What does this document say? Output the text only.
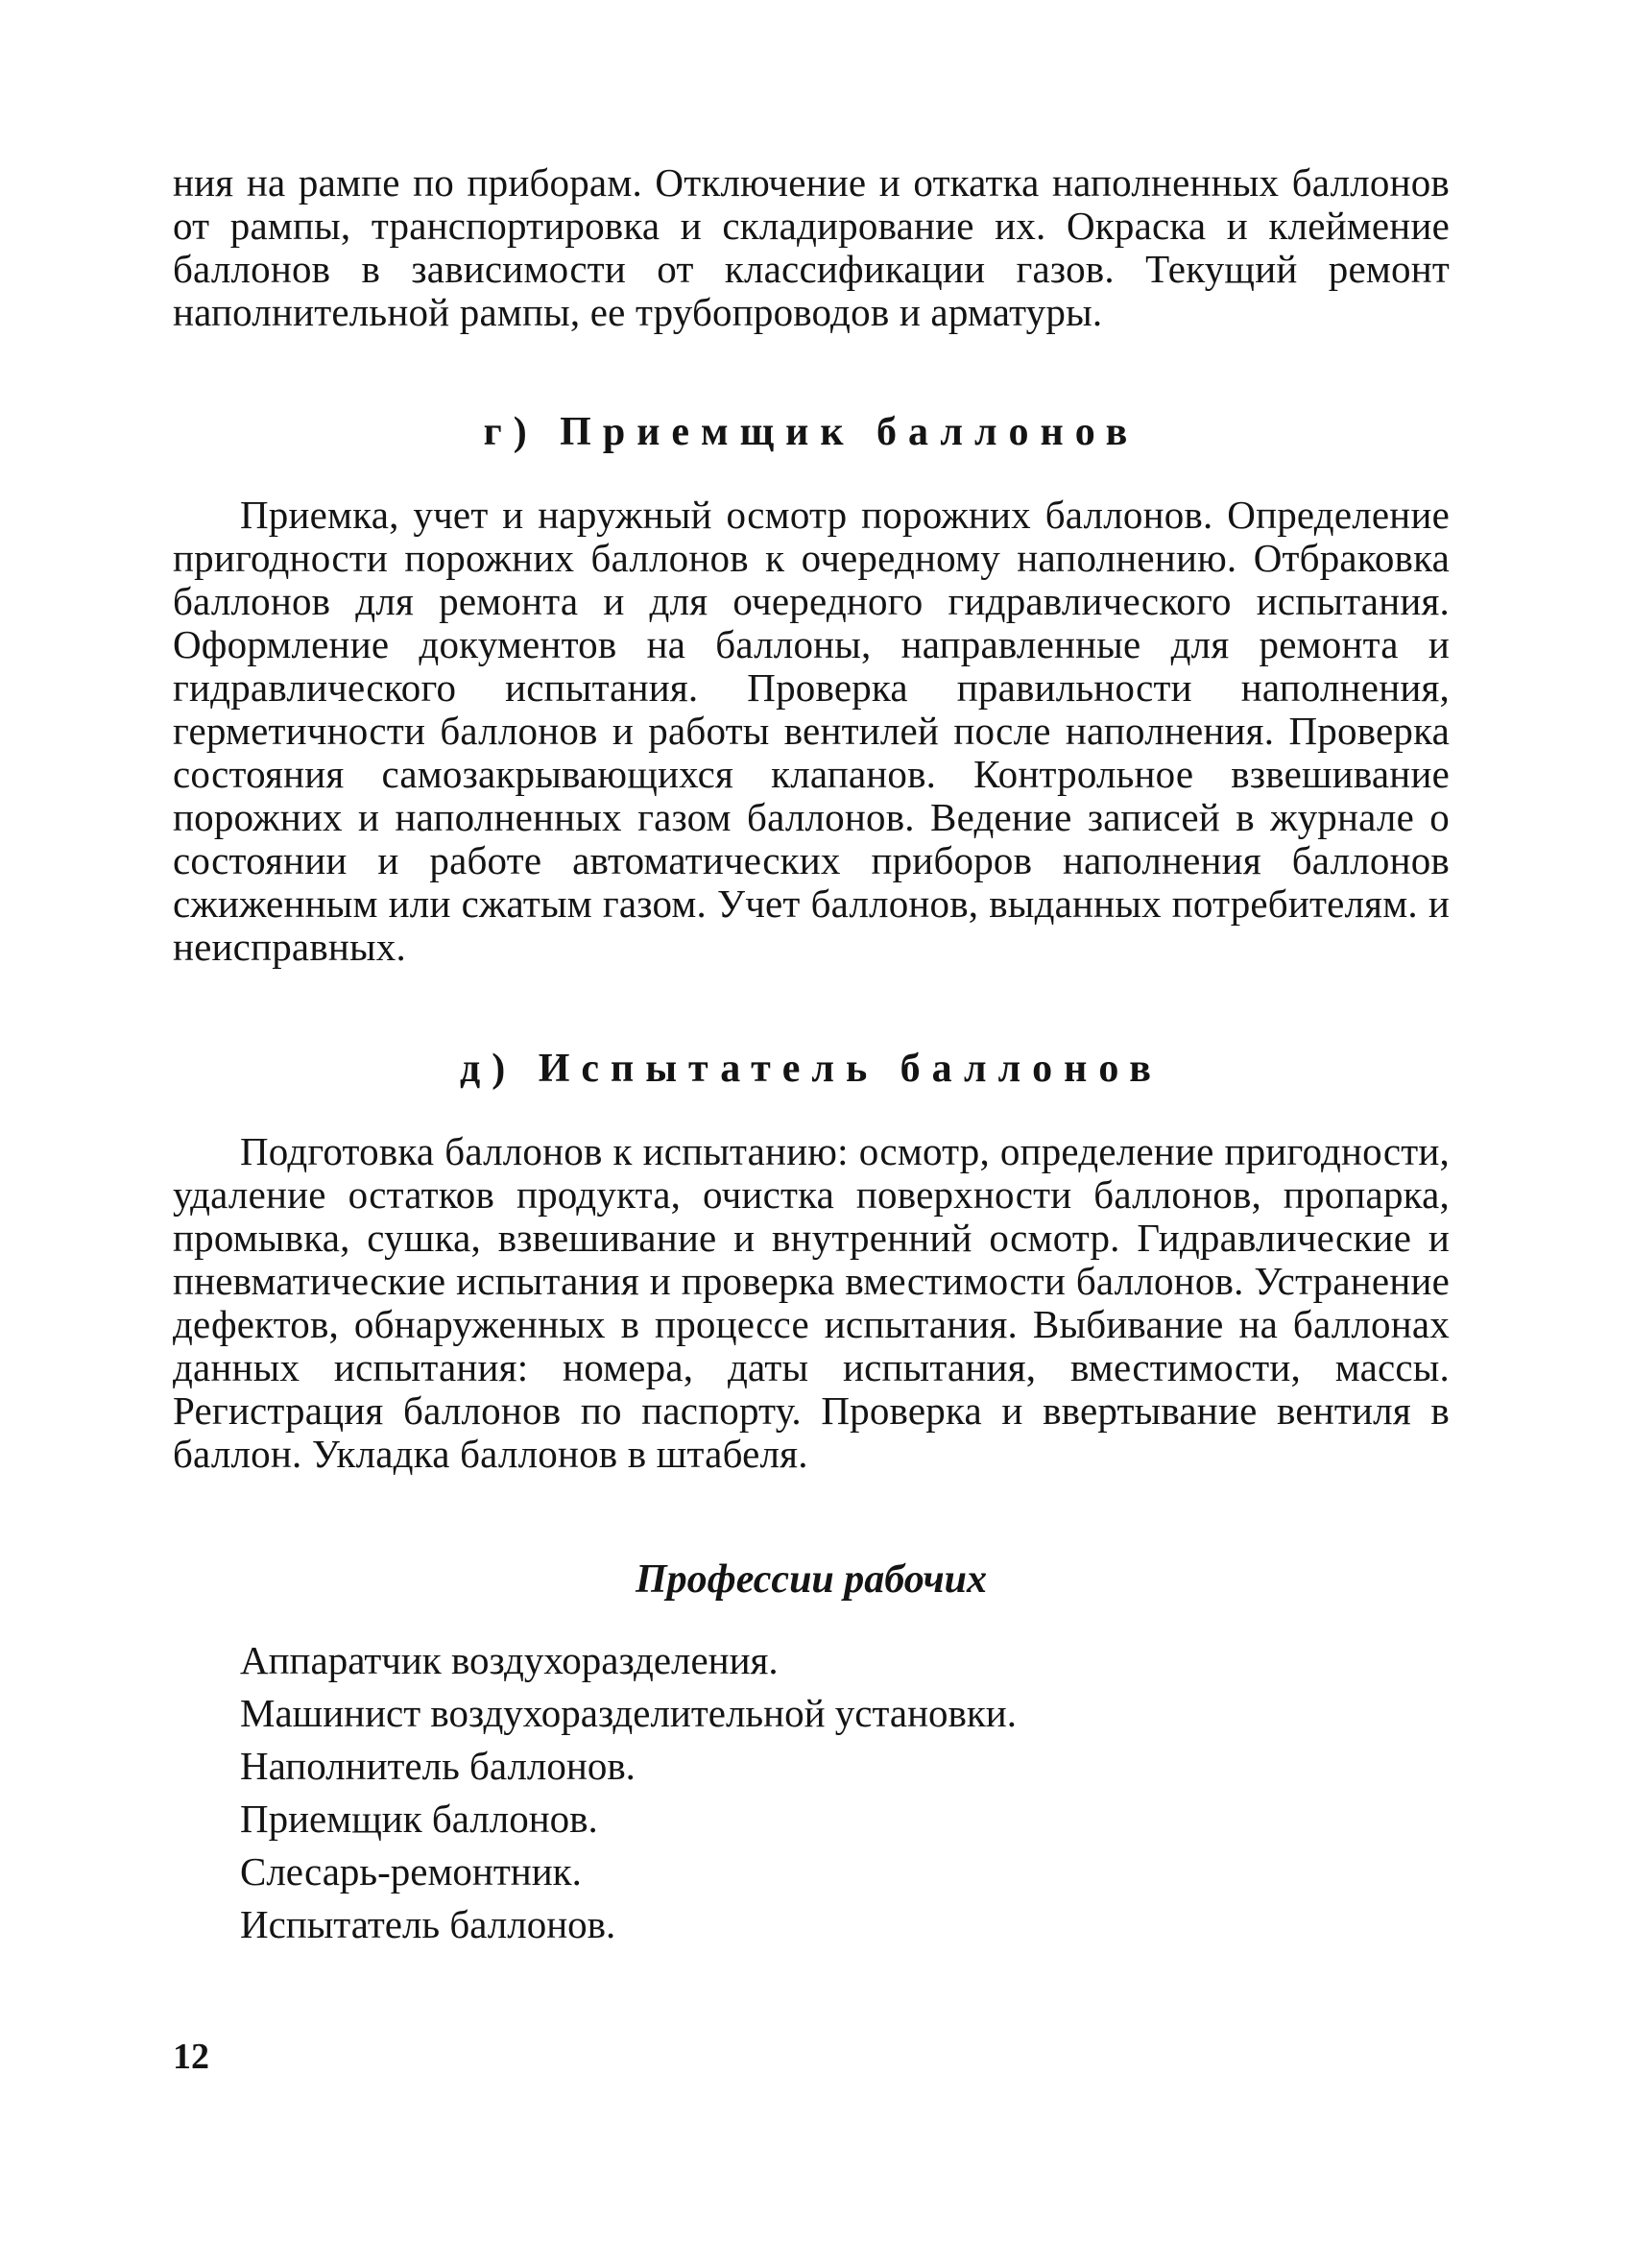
ния на рампе по приборам. Отключение и откатка наполненных баллонов от рампы, транспортировка и складирование их. Окраска и клеймение баллонов в зависимости от классификации газов. Текущий ремонт наполнительной рампы, ее трубопроводов и арматуры.

г) Приемщик баллонов

Приемка, учет и наружный осмотр порожних баллонов. Определение пригодности порожних баллонов к очередному наполнению. Отбраковка баллонов для ремонта и для очередного гидравлического испытания. Оформление документов на баллоны, направленные для ремонта и гидравлического испытания. Проверка правильности наполнения, герметичности баллонов и работы вентилей после наполнения. Проверка состояния самозакрывающихся клапанов. Контрольное взвешивание порожних и наполненных газом баллонов. Ведение записей в журнале о состоянии и работе автоматических приборов наполнения баллонов сжиженным или сжатым газом. Учет баллонов, выданных потребителям. и неисправных.

д) Испытатель баллонов

Подготовка баллонов к испытанию: осмотр, определение пригодности, удаление остатков продукта, очистка поверхности баллонов, пропарка, промывка, сушка, взвешивание и внутренний осмотр. Гидравлические и пневматические испытания и проверка вместимости баллонов. Устранение дефектов, обнаруженных в процессе испытания. Выбивание на баллонах данных испытания: номера, даты испытания, вместимости, массы. Регистрация баллонов по паспорту. Проверка и ввертывание вентиля в баллон. Укладка баллонов в штабеля.

Профессии рабочих
Аппаратчик воздухоразделения.
Машинист воздухоразделительной установки.
Наполнитель баллонов.
Приемщик баллонов.
Слесарь-ремонтник.
Испытатель баллонов.
12
